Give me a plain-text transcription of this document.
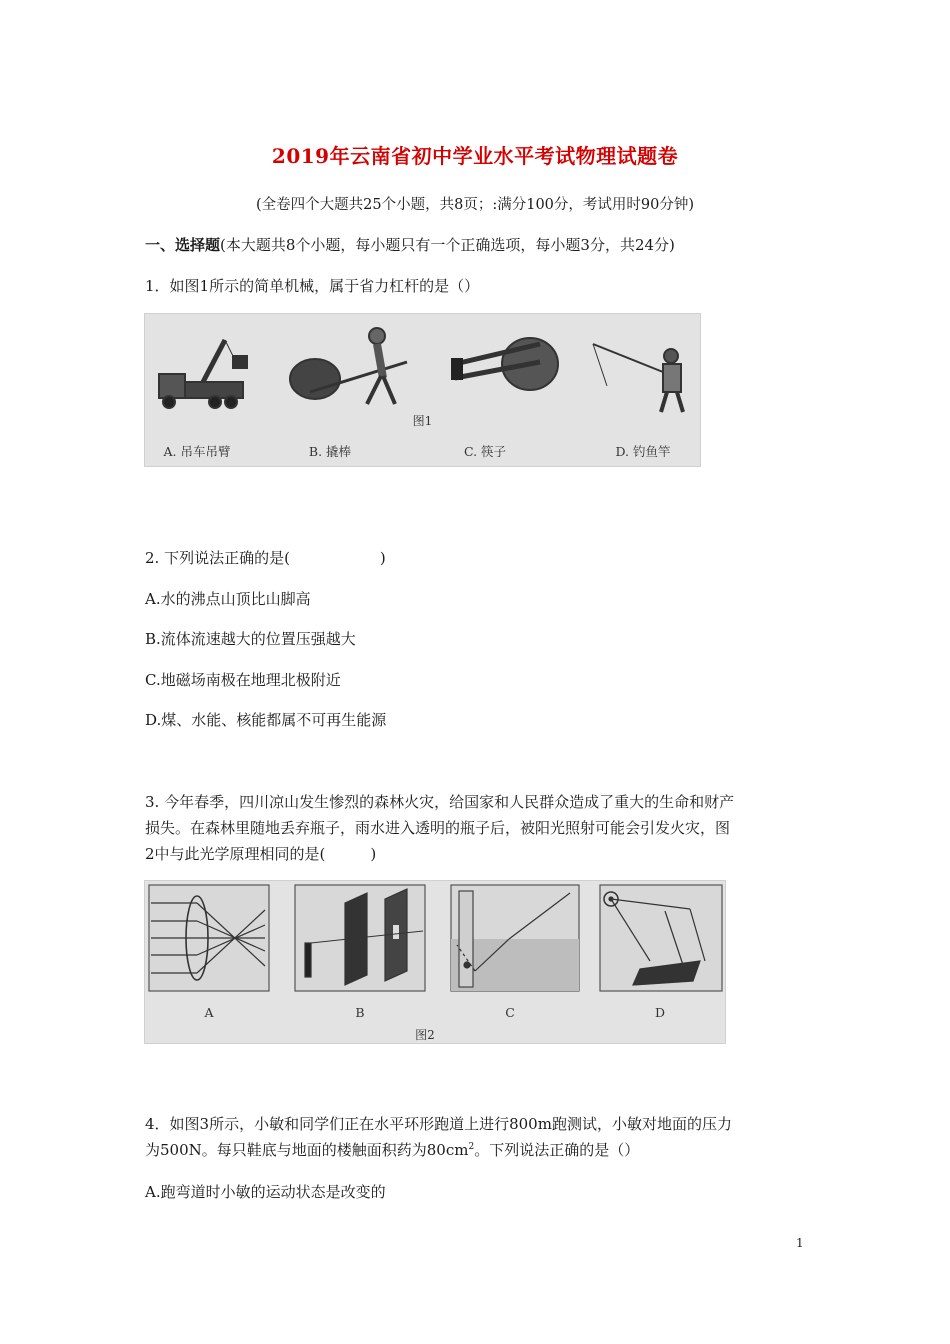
2019年云南省初中学业水平考试物理试题卷
(全卷四个大题共25个小题，共8页；:满分100分，考试用时90分钟)
一、选择题(本大题共8个小题，每小题只有一个正确选项，每小题3分，共24分)
1．如图1所示的简单机械，属于省力杠杆的是（）
图1
A. 吊车吊臂	B. 撬棒	C. 筷子	D. 钓鱼竿
2. 下列说法正确的是(　　　　　　)
A.水的沸点山顶比山脚高
B.流体流速越大的位置压强越大
C.地磁场南极在地理北极附近
D.煤、水能、核能都属不可再生能源
3. 今年春季，四川凉山发生惨烈的森林火灾，给国家和人民群众造成了重大的生命和财产
损失。在森林里随地丢弃瓶子，雨水进入透明的瓶子后，被阳光照射可能会引发火灾，图
2中与此光学原理相同的是(　　　)
A	B	C	D
图2
4．如图3所示，小敏和同学们正在水平环形跑道上进行800m跑测试，小敏对地面的压力
为500N。每只鞋底与地面的楼触面积药为$80cm^2$。下列说法正确的是（）
A.跑弯道时小敏的运动状态是改变的
1
